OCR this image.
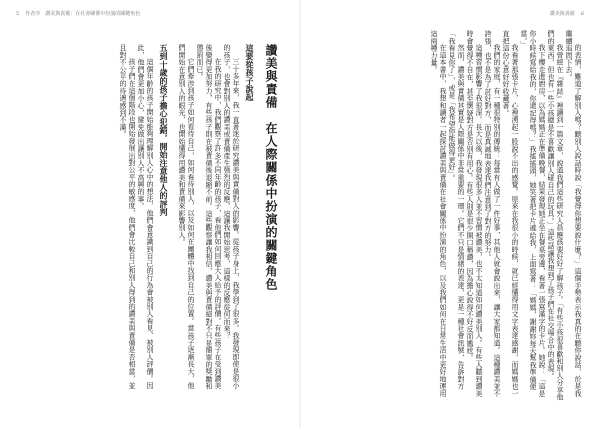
5 作者序　讚美與責備：在社會關係中扮演的關鍵角色
讚美與責備　在人際關係中扮演的關鍵角色
這要從孩子說起

三十多年來，我一直著迷於研究讚美與責備對人的影響。從孩子身上，我學到了很多。我發現即使是很小的孩子，也會對別人的讚美或責備產生強烈的反應，這讓我開始思考，這樣的反應從何而來？

在我的研究中，我們觀察了許多不同年齡的孩子，看他們如何回應大人給予的評價。有些孩子在受到讚美後變得更加努力，有些孩子則在被責備後退縮不前。這些觀察讓我相信，讚美與責備絕對不只是簡單的獎勵和懲罰而已。

它們牽涉到孩子如何看待自己，如何看待別人，以及如何在團體中找到自己的位置。當孩子逐漸長大，他們開始在意別人的眼光，也開始懂得用讚美和責備來影響別人。

五到十歲的孩子擔心犯錯，開始注意他人的評判

這個年齡的孩子開始能夠理解別人心中的想法，他們會意識到自己的行為會被別人看見、被別人評價。因此，他們會更加小心，避免做出讓別人不高興的事。

孩子們在這個階段也開始發展出對公平的敏感度，他們會比較自己和別人得到的讚美與責備是否相當，並且對不公平的待遇感到不滿。

讚美與責備 6

的表情，難道了解別人嗎？聽別人說話時說「我覺得你想要說什麼？」這個手勢表示我真的在聽你說話，於是我繼續追問下去。

我曾經在『雜誌』裡讀到一篇文章，說道我們這些研究人員應該要好好了解孩子。「有些小孩很喜歡和別人分享他們的東西，但也有一些小孩總是不喜歡讓別人碰自己的玩具。」這些話讓我想到了孩子們在社交場合中的表現。

我下樓走進廚房，以為媽媽正在準備晚餐，結果發現她正坐在餐桌旁邊，看著一張寫滿字的卡片。她說：「這是你小時候寫給我的，你還記得嗎？」我搖搖頭，她笑著把卡片遞給我，上面寫著：「媽媽，謝謝妳每天幫我準備便當。」

我看著那張卡片，心裡湧起一股說不出的感覺。原來在我很小的時候，就已經懂得用文字表達感謝，而媽媽也一直把這份心意好好收藏著。

我們的家庭，有一種很特別的傳統：每當有人做了一件好事，其他人就會說出來，讓大家都知道。這種讚美並不誇張，也不是為了討好對方，而是真誠地表達我們注意到了對方的努力。

這種習慣影響了我很深。長大以後，我發現很多人並不習慣被讚美，也不太知道如何讚美別人。有些人聽到讚美時會覺得不自在，甚至懷疑對方是否別有用心。有些人則是很少開口稱讚，因為擔心說得不好反而尷尬。

然而，讚美與責備其實是人際關係中非常重要的一環。它們不只是情緒的表達，更是一種社會訊號，告訴對方「我看見你了」，或是「我希望你能做得更好」。

在這本書中，我想和讀者一起探討讚美與責備在社會關係中扮演的角色，以及我們如何在日常生活中更好地運用這兩種力量。
